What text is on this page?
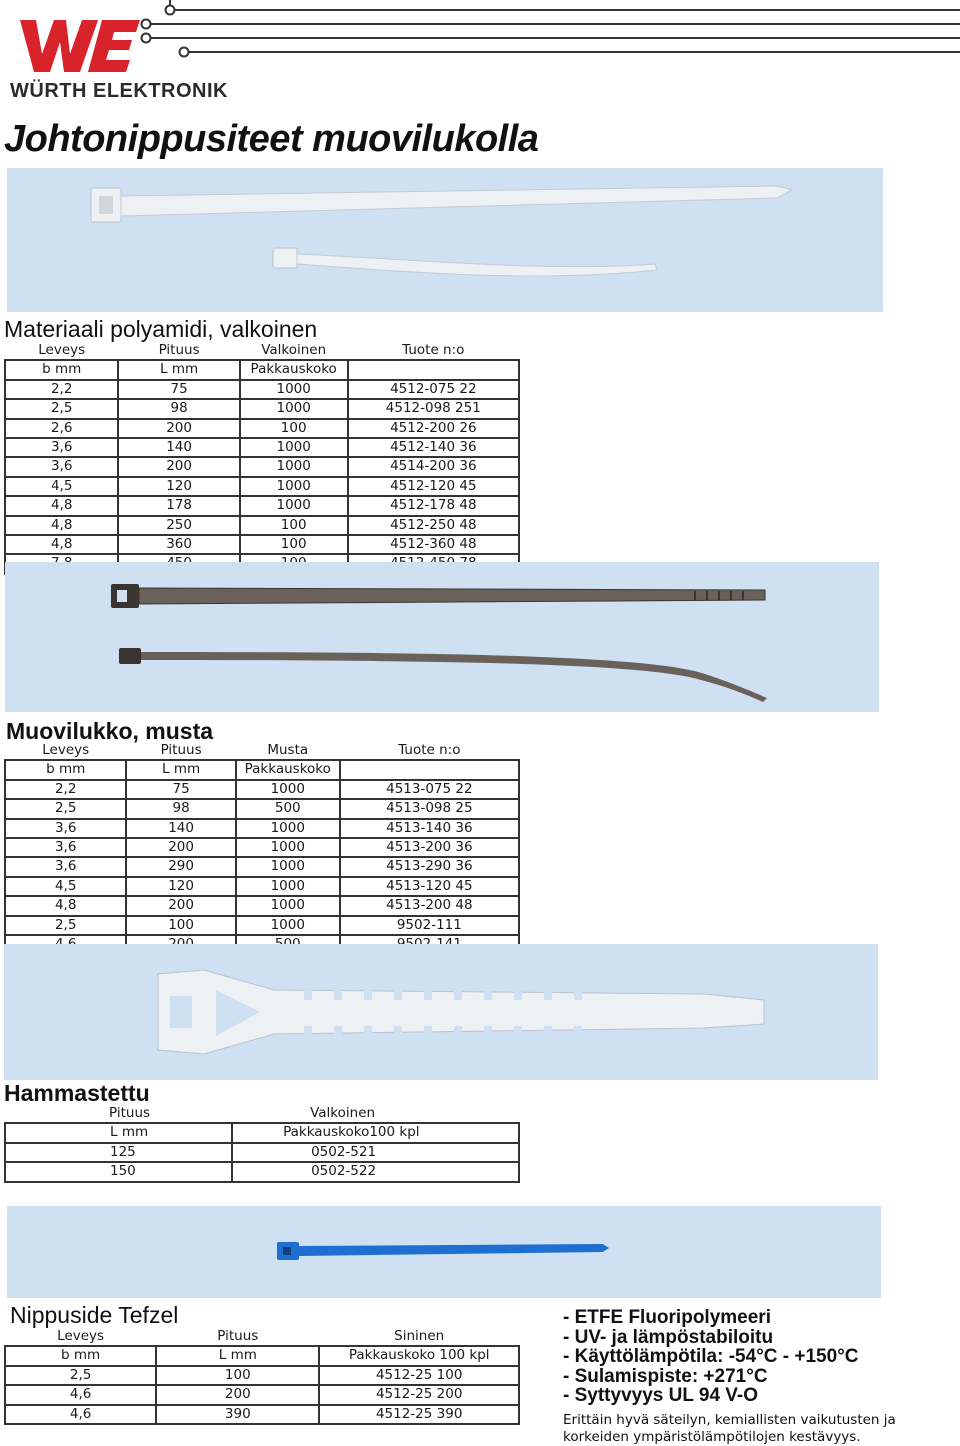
WÜRTH ELEKTRONIK
Johtonippusiteet muovilukolla
Materiaali polyamidi, valkoinen
Leveys	Pituus	Valkoinen	Tuote n:o
b mm	L mm	Pakkauskoko	
2,2	75	1000	4512-075 22
2,5	98	1000	4512-098 251
2,6	200	100	4512-200 26
3,6	140	1000	4512-140 36
3,6	200	1000	4514-200 36
4,5	120	1000	4512-120 45
4,8	178	1000	4512-178 48
4,8	250	100	4512-250 48
4,8	360	100	4512-360 48

Muovilukko, musta
Leveys	Pituus	Musta	Tuote n:o
b mm	L mm	Pakkauskoko	
2,2	75	1000	4513-075 22
2,5	98	500	4513-098 25
3,6	140	1000	4513-140 36
3,6	200	1000	4513-200 36
3,6	290	1000	4513-290 36
4,5	120	1000	4513-120 45
4,8	200	1000	4513-200 48
2,5	100	1000	9502-111

Hammastettu
Pituus	Valkoinen
L mm	Pakkauskoko100 kpl
125	0502-521
150	0502-522
Nippuside Tefzel
Leveys	Pituus	Sininen
b mm	L mm	Pakkauskoko 100 kpl
2,5	100	4512-25 100
4,6	200	4512-25 200
4,6	390	4512-25 390
- ETFE Fluoripolymeeri
- UV- ja lämpöstabiloitu
- Käyttölämpötila: -54°C - +150°C
- Sulamispiste: +271°C
- Syttyvyys UL 94 V-O
Erittäin hyvä säteilyn, kemiallisten vaikutusten ja korkeiden ympäristölämpötilojen kestävyys.
